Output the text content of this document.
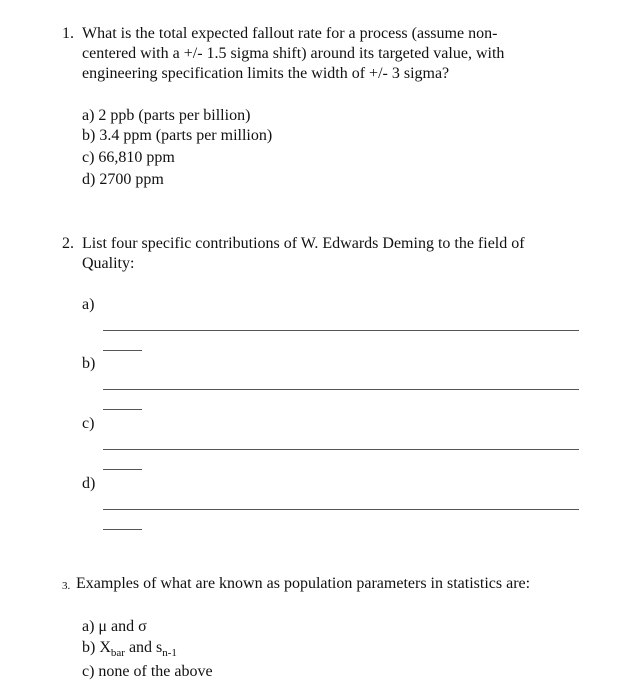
1. What is the total expected fallout rate for a process (assume non-
centered with a +/- 1.5 sigma shift) around its targeted value, with
engineering specification limits the width of +/- 3 sigma?
a) 2 ppb (parts per billion)
b) 3.4 ppm (parts per million)
c) 66,810 ppm
d) 2700 ppm
2. List four specific contributions of W. Edwards Deming to the field of
Quality:
a)
b)
c)
d)
3. Examples of what are known as population parameters in statistics are:
a) μ and σ
b) $X_{bar}$ and $s_{n-1}$
c) none of the above
